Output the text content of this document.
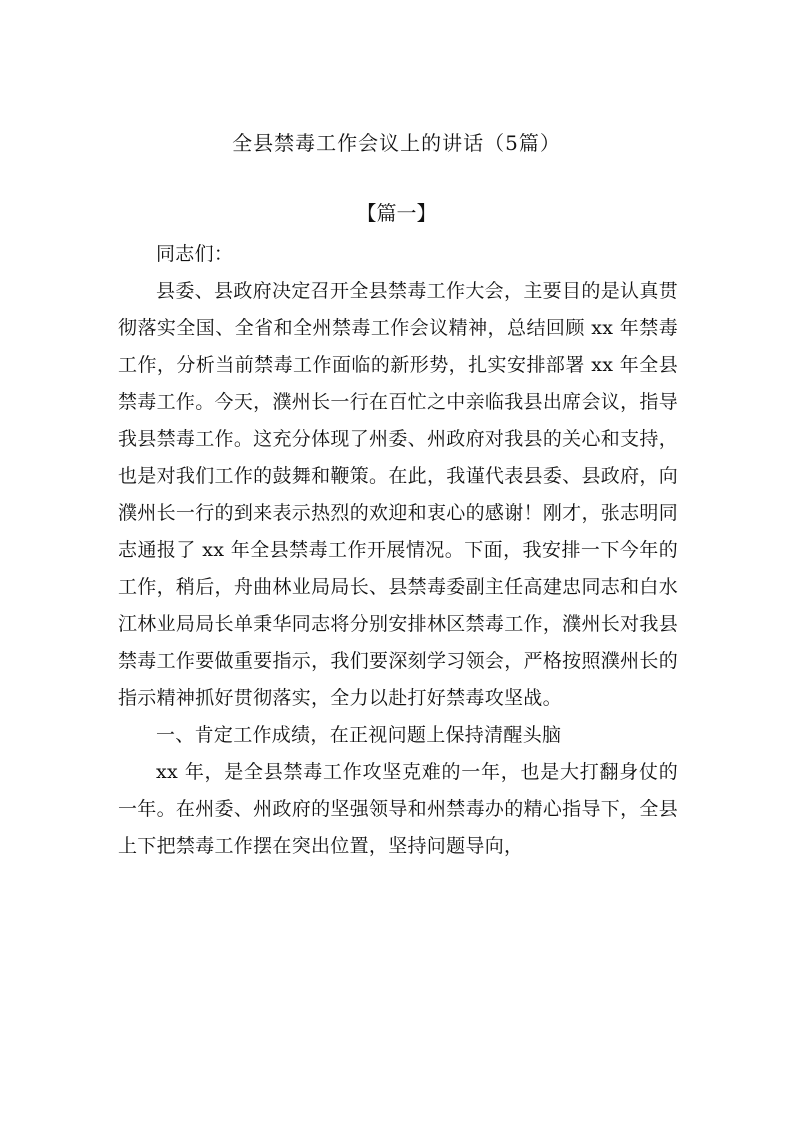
全县禁毒工作会议上的讲话（5篇）
【篇一】

同志们：

县委、县政府决定召开全县禁毒工作大会，主要目的是认真贯彻落实全国、全省和全州禁毒工作会议精神，总结回顾 xx 年禁毒工作，分析当前禁毒工作面临的新形势，扎实安排部署 xx 年全县禁毒工作。今天，濮州长一行在百忙之中亲临我县出席会议，指导我县禁毒工作。这充分体现了州委、州政府对我县的关心和支持，也是对我们工作的鼓舞和鞭策。在此，我谨代表县委、县政府，向濮州长一行的到来表示热烈的欢迎和衷心的感谢！刚才，张志明同志通报了 xx 年全县禁毒工作开展情况。下面，我安排一下今年的工作，稍后，舟曲林业局局长、县禁毒委副主任高建忠同志和白水江林业局局长单秉华同志将分别安排林区禁毒工作，濮州长对我县禁毒工作要做重要指示，我们要深刻学习领会，严格按照濮州长的指示精神抓好贯彻落实，全力以赴打好禁毒攻坚战。

一、肯定工作成绩，在正视问题上保持清醒头脑

xx 年，是全县禁毒工作攻坚克难的一年，也是大打翻身仗的一年。在州委、州政府的坚强领导和州禁毒办的精心指导下，全县上下把禁毒工作摆在突出位置，坚持问题导向，
